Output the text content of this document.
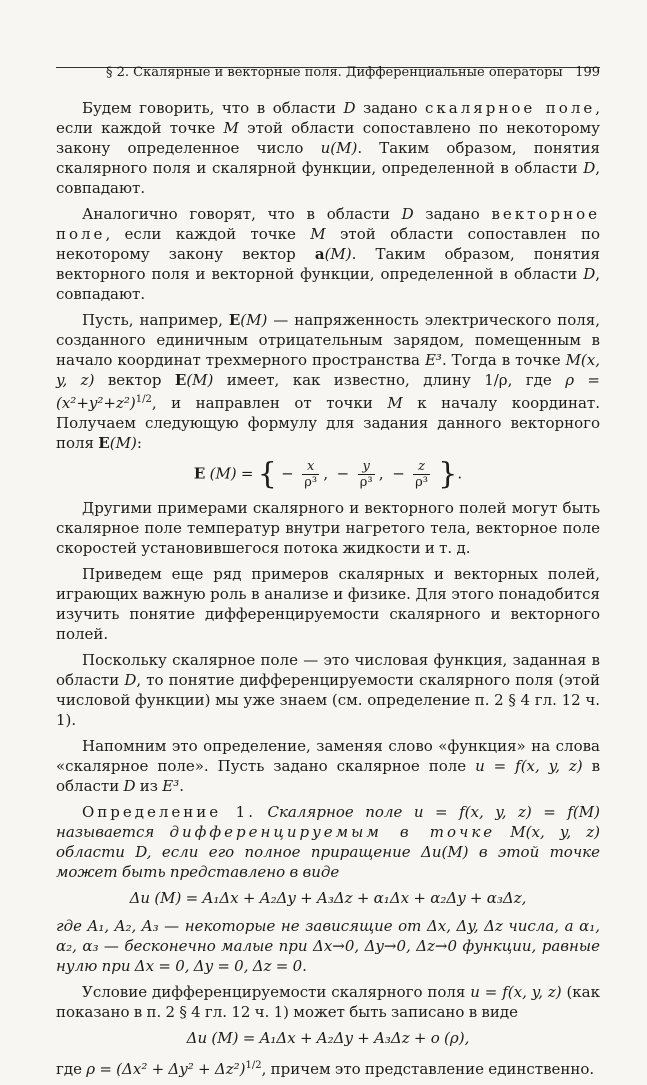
§ 2. Скалярные и векторные поля. Дифференциальные операторы 199

Будем говорить, что в области D задано скалярное поле, если каждой точке M этой области сопоставлено по некоторому закону определенное число u(M). Таким образом, понятия скалярного поля и скалярной функции, определенной в области D, совпадают.

Аналогично говорят, что в области D задано векторное поле, если каждой точке M этой области сопоставлен по некоторому закону вектор a(M). Таким образом, понятия векторного поля и векторной функции, определенной в области D, совпадают.

Пусть, например, E(M) — напряженность электрического поля, созданного единичным отрицательным зарядом, помещенным в начало координат трехмерного пространства E³. Тогда в точке M(x, y, z) вектор E(M) имеет, как известно, длину 1/ρ, где $\rho = (x^2+y^2+z^2)^{1/2}$, и направлен от точки M к началу координат. Получаем следующую формулу для задания данного векторного поля E(M):

E (M) = { − $\frac{x}{\text{ρ³}}$ , − $\frac{y}{\text{ρ³}}$ , − $\frac{z}{\text{ρ³}}$ }.

Другими примерами скалярного и векторного полей могут быть скалярное поле температур внутри нагретого тела, векторное поле скоростей установившегося потока жидкости и т. д.

Приведем еще ряд примеров скалярных и векторных полей, играющих важную роль в анализе и физике. Для этого понадобится изучить понятие дифференцируемости скалярного и векторного полей.

Поскольку скалярное поле — это числовая функция, заданная в области D, то понятие дифференцируемости скалярного поля (этой числовой функции) мы уже знаем (см. определение п. 2 § 4 гл. 12 ч. 1).

Напомним это определение, заменяя слово «функция» на слова «скалярное поле». Пусть задано скалярное поле u = f(x, y, z) в области D из E³.

Определение 1. Скалярное поле u = f(x, y, z) = f(M) называется дифференцируемым в точке M(x, y, z) области D, если его полное приращение Δu(M) в этой точке может быть представлено в виде

Δu (M) = A₁Δx + A₂Δy + A₃Δz + α₁Δx + α₂Δy + α₃Δz,

где A₁, A₂, A₃ — некоторые не зависящие от Δx, Δy, Δz числа, а α₁, α₂, α₃ — бесконечно малые при Δx→0, Δy→0, Δz→0 функции, равные нулю при Δx = 0, Δy = 0, Δz = 0.

Условие дифференцируемости скалярного поля u = f(x, y, z) (как показано в п. 2 § 4 гл. 12 ч. 1) может быть записано в виде

Δu (M) = A₁Δx + A₂Δy + A₃Δz + o (ρ),

где $\rho = (\Delta x^2 + \Delta y^2 + \Delta z^2)^{1/2}$, причем это представление единственно.
